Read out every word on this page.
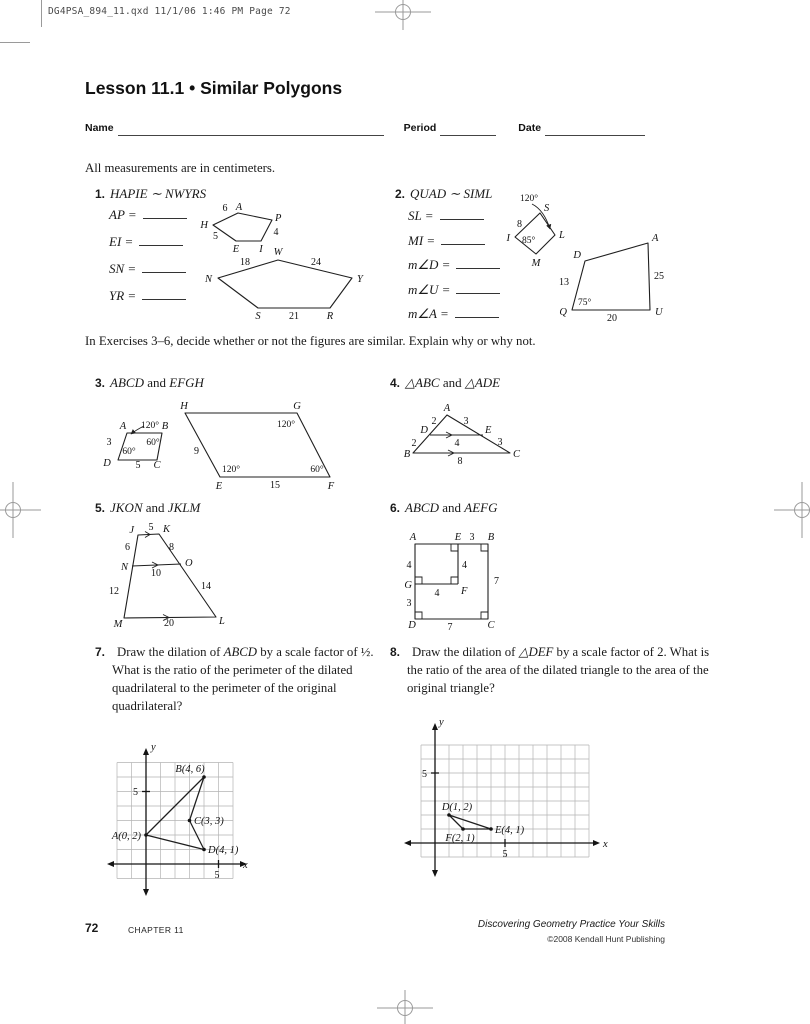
DG4PSA_894_11.qxd 11/1/06 1:46 PM Page 72
Lesson 11.1 • Similar Polygons
Name	Period	Date
All measurements are in centimeters.
1. HAPIE ∼ NWYRS
AP =
EI =
SN =
YR =
H
A
P
I
E
6
5	4
N
W
Y
S	R
18	24
21
2. QUAD ∼ SIML
SL =
MI =
m∠D =
m∠U =
m∠A =
120°
S
8
I 85° L
M
D
A
25
13
75°
Q
20
U
In Exercises 3–6, decide whether or not the figures are similar. Explain why or why not.
3. ABCD and EFGH
A 120° B
60°
3
60°
D 5 C
H	G
120°
9
120°	60°
E	15	F
4. △ABC and △ADE
A
2	3
D	E
2	4	3
B
8
C
5. JKON and JKLM
J 5 K
6	8
N
10
O
12	14
M	20	L
6. ABCD and AEFG
A	E 3 B
4	4
G
4 F
7
3
D	7	C
7. Draw the dilation of ABCD by a scale factor of ½. What is the ratio of the perimeter of the dilated quadrilateral to the perimeter of the original quadrilateral?
8. Draw the dilation of △DEF by a scale factor of 2. What is the ratio of the area of the dilated triangle to the area of the original triangle?
5
5
y
x
B(4, 6)
C(3, 3)
A(0, 2)
D(4, 1)
5
5
y
x
D(1, 2)
E(4, 1)
F(2, 1)
72	CHAPTER 11	Discovering Geometry Practice Your Skills
©2008 Kendall Hunt Publishing
